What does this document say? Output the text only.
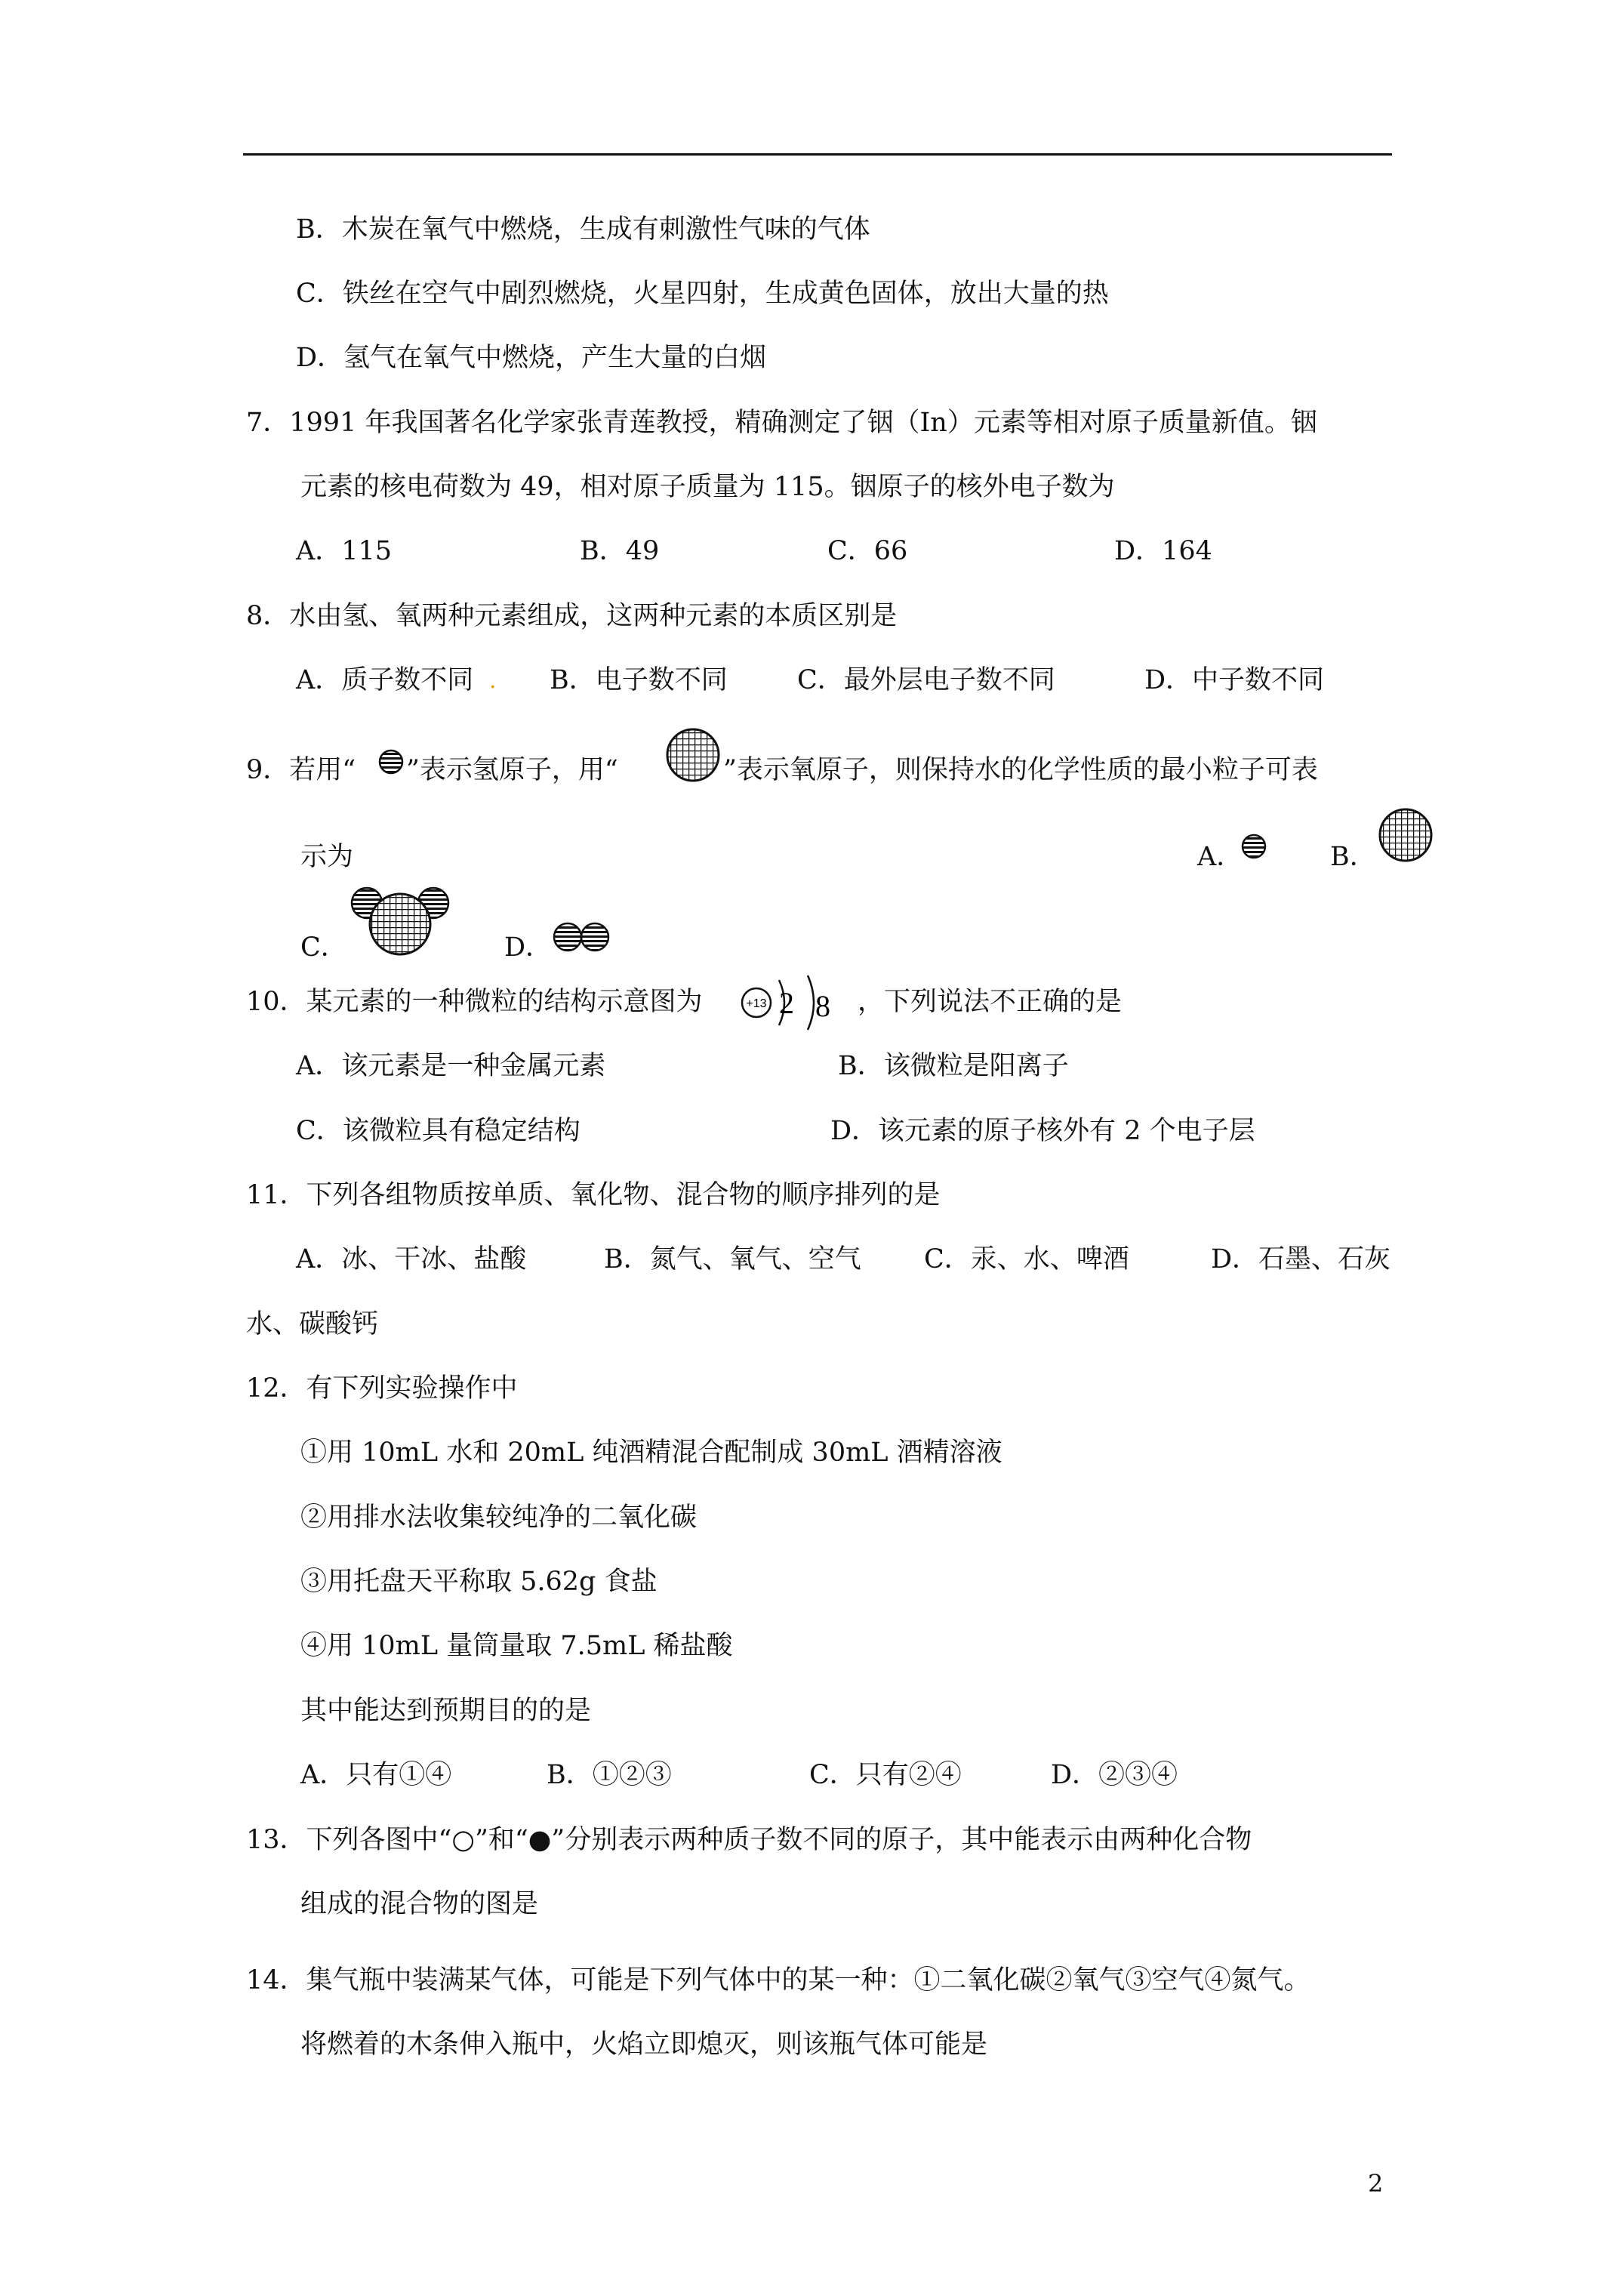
B．木炭在氧气中燃烧，生成有刺激性气味的气体
C．铁丝在空气中剧烈燃烧，火星四射，生成黄色固体，放出大量的热
D．氢气在氧气中燃烧，产生大量的白烟
7．1991 年我国著名化学家张青莲教授，精确测定了铟（In）元素等相对原子质量新值。铟
元素的核电荷数为 49，相对原子质量为 115。铟原子的核外电子数为
A．115	B．49	C．66	D．164
8．水由氢、氧两种元素组成，这两种元素的本质区别是
A．质子数不同 . B．电子数不同	C．最外层电子数不同	D．中子数不同
9．若用“ ”表示氢原子，用“	”表示氧原子，则保持水的化学性质的最小粒子可表
示为	A．	B．
C．	D．
10．某元素的一种微粒的结构示意图为	+13 2 8 ，下列说法不正确的是
A．该元素是一种金属元素	B．该微粒是阳离子
C．该微粒具有稳定结构	D．该元素的原子核外有 2 个电子层
11．下列各组物质按单质、氧化物、混合物的顺序排列的是
A．冰、干冰、盐酸	B．氮气、氧气、空气 C．汞、水、啤酒	D．石墨、石灰
水、碳酸钙
12．有下列实验操作中
①用 10mL 水和 20mL 纯酒精混合配制成 30mL 酒精溶液
②用排水法收集较纯净的二氧化碳
③用托盘天平称取 5.62g 食盐
④用 10mL 量筒量取 7.5mL 稀盐酸
其中能达到预期目的的是
A．只有①④	B．①②③	C．只有②④	D．②③④
13．下列各图中“○”和“●”分别表示两种质子数不同的原子，其中能表示由两种化合物
组成的混合物的图是
14．集气瓶中装满某气体，可能是下列气体中的某一种：①二氧化碳②氧气③空气④氮气。
将燃着的木条伸入瓶中，火焰立即熄灭，则该瓶气体可能是
2
